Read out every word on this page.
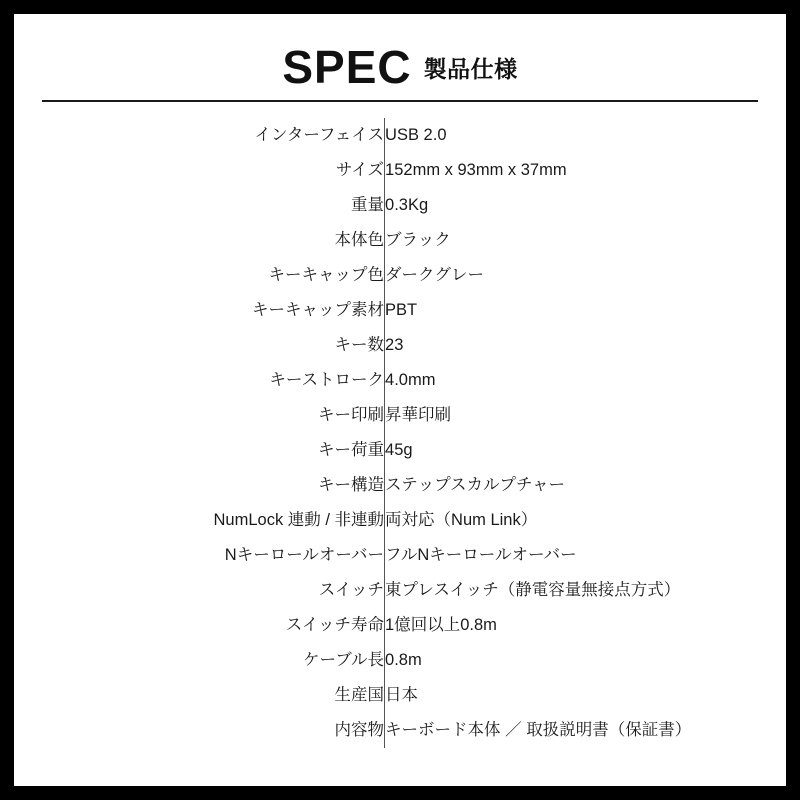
SPEC 製品仕様
インターフェイス	USB 2.0
サイズ	152mm x 93mm x 37mm
重量	0.3Kg
本体色	ブラック
キーキャップ色	ダークグレー
キーキャップ素材	PBT
キー数	23
キーストローク	4.0mm
キー印刷	昇華印刷
キー荷重	45g
キー構造	ステップスカルプチャー
NumLock 連動 / 非連動	両対応（Num Link）
Nキーロールオーバー	フルNキーロールオーバー
スイッチ	東プレスイッチ（静電容量無接点方式）
スイッチ寿命	1億回以上0.8m
ケーブル長	0.8m
生産国	日本
内容物	キーボード本体 ／ 取扱説明書（保証書）
